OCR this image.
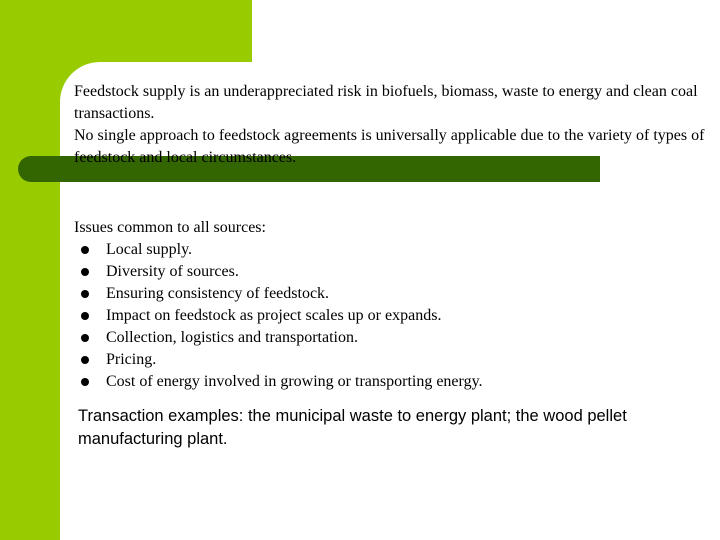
Feedstock supply is an underappreciated risk in biofuels, biomass, waste to energy and clean coal transactions.

No single approach to feedstock agreements is universally applicable due to the variety of types of feedstock and local circumstances.

Issues common to all sources:

Local supply.
Diversity of sources.
Ensuring consistency of feedstock.
Impact on feedstock as project scales up or expands.
Collection, logistics and transportation.
Pricing.
Cost of energy involved in growing or transporting energy.

Transaction examples: the municipal waste to energy plant; the wood pellet manufacturing plant.
